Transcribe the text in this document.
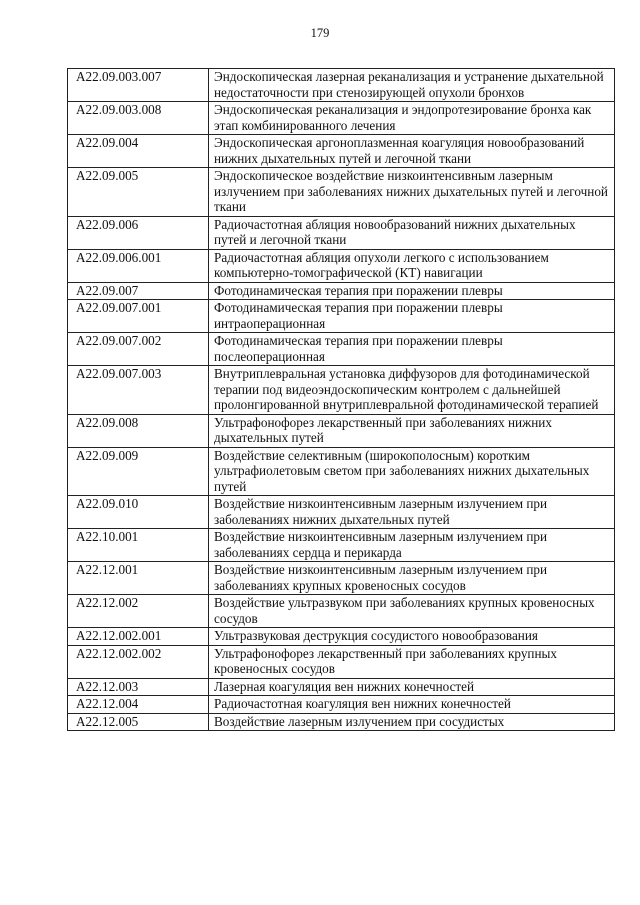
179
A22.09.003.007	Эндоскопическая лазерная реканализация и устранение дыхательной недостаточности при стенозирующей опухоли бронхов
A22.09.003.008	Эндоскопическая реканализация и эндопротезирование бронха как этап комбинированного лечения
A22.09.004	Эндоскопическая аргоноплазменная коагуляция новообразований нижних дыхательных путей и легочной ткани
A22.09.005	Эндоскопическое воздействие низкоинтенсивным лазерным излучением при заболеваниях нижних дыхательных путей и легочной ткани
A22.09.006	Радиочастотная абляция новообразований нижних дыхательных путей и легочной ткани
A22.09.006.001	Радиочастотная абляция опухоли легкого с использованием компьютерно-томографической (КТ) навигации
A22.09.007	Фотодинамическая терапия при поражении плевры
A22.09.007.001	Фотодинамическая терапия при поражении плевры интраоперационная
A22.09.007.002	Фотодинамическая терапия при поражении плевры послеоперационная
A22.09.007.003	Внутриплевральная установка диффузоров для фотодинамической терапии под видеоэндоскопическим контролем с дальнейшей пролонгированной внутриплевральной фотодинамической терапией
A22.09.008	Ультрафонофорез лекарственный при заболеваниях нижних дыхательных путей
A22.09.009	Воздействие селективным (широкополосным) коротким ультрафиолетовым светом при заболеваниях нижних дыхательных путей
A22.09.010	Воздействие низкоинтенсивным лазерным излучением при заболеваниях нижних дыхательных путей
A22.10.001	Воздействие низкоинтенсивным лазерным излучением при заболеваниях сердца и перикарда
A22.12.001	Воздействие низкоинтенсивным лазерным излучением при заболеваниях крупных кровеносных сосудов
A22.12.002	Воздействие ультразвуком при заболеваниях крупных кровеносных сосудов
A22.12.002.001	Ультразвуковая деструкция сосудистого новообразования
A22.12.002.002	Ультрафонофорез лекарственный при заболеваниях крупных кровеносных сосудов
A22.12.003	Лазерная коагуляция вен нижних конечностей
A22.12.004	Радиочастотная коагуляция вен нижних конечностей
A22.12.005	Воздействие лазерным излучением при сосудистых
